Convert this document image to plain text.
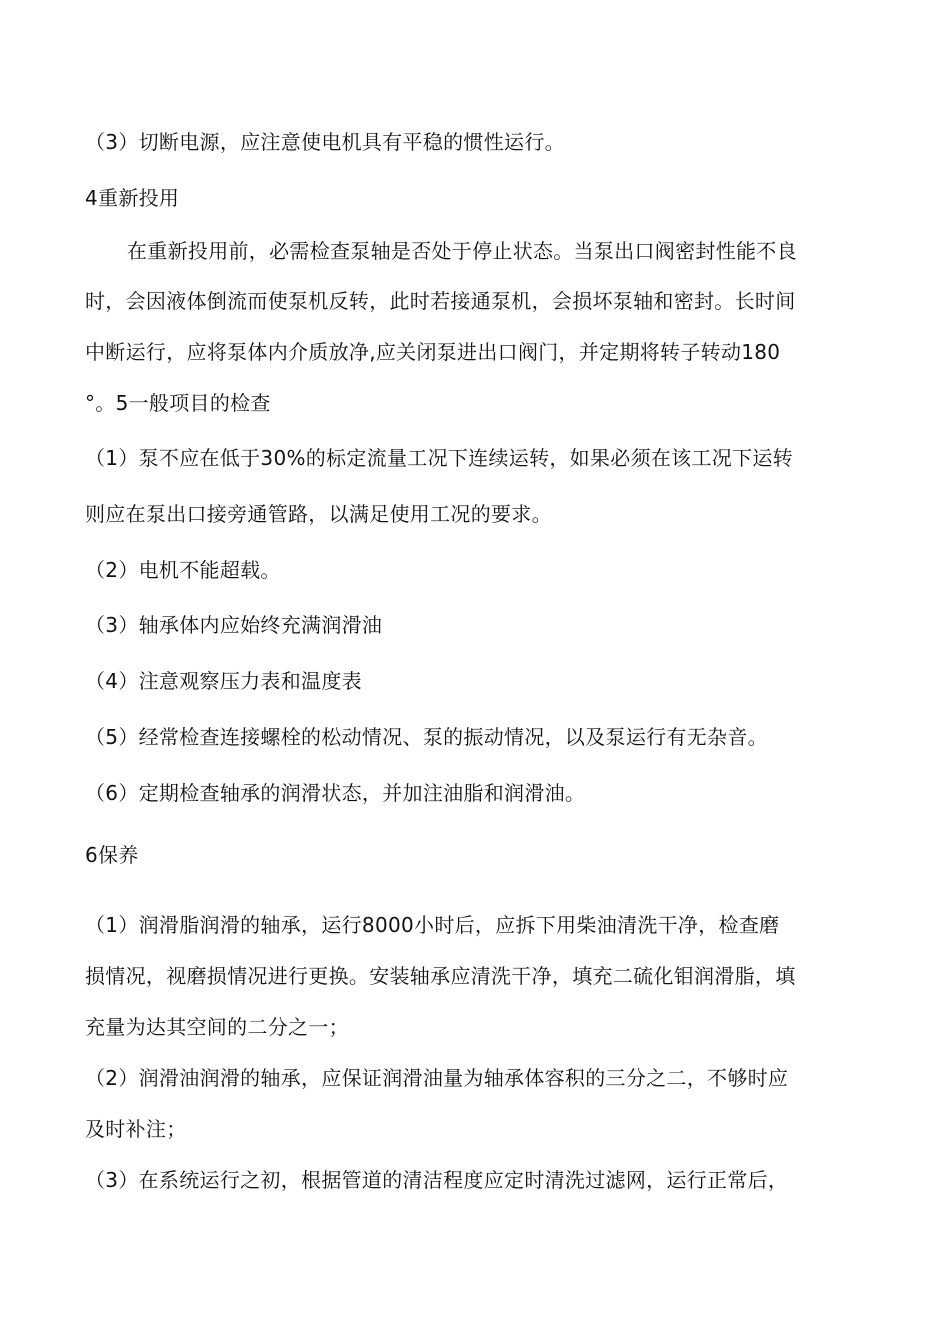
（3）切断电源，应注意使电机具有平稳的惯性运行。
4重新投用
在重新投用前，必需检查泵轴是否处于停止状态。当泵出口阀密封性能不良
时，会因液体倒流而使泵机反转，此时若接通泵机，会损坏泵轴和密封。长时间
中断运行，应将泵体内介质放净,应关闭泵进出口阀门，并定期将转子转动180
°。5一般项目的检查
（1）泵不应在低于30%的标定流量工况下连续运转，如果必须在该工况下运转
则应在泵出口接旁通管路，以满足使用工况的要求。
（2）电机不能超载。
（3）轴承体内应始终充满润滑油
（4）注意观察压力表和温度表
（5）经常检查连接螺栓的松动情况、泵的振动情况，以及泵运行有无杂音。
（6）定期检查轴承的润滑状态，并加注油脂和润滑油。
6保养
（1）润滑脂润滑的轴承，运行8000小时后，应拆下用柴油清洗干净，检查磨
损情况，视磨损情况进行更换。安装轴承应清洗干净，填充二硫化钼润滑脂，填
充量为达其空间的二分之一；
（2）润滑油润滑的轴承，应保证润滑油量为轴承体容积的三分之二，不够时应
及时补注；
（3）在系统运行之初，根据管道的清洁程度应定时清洗过滤网，运行正常后，
